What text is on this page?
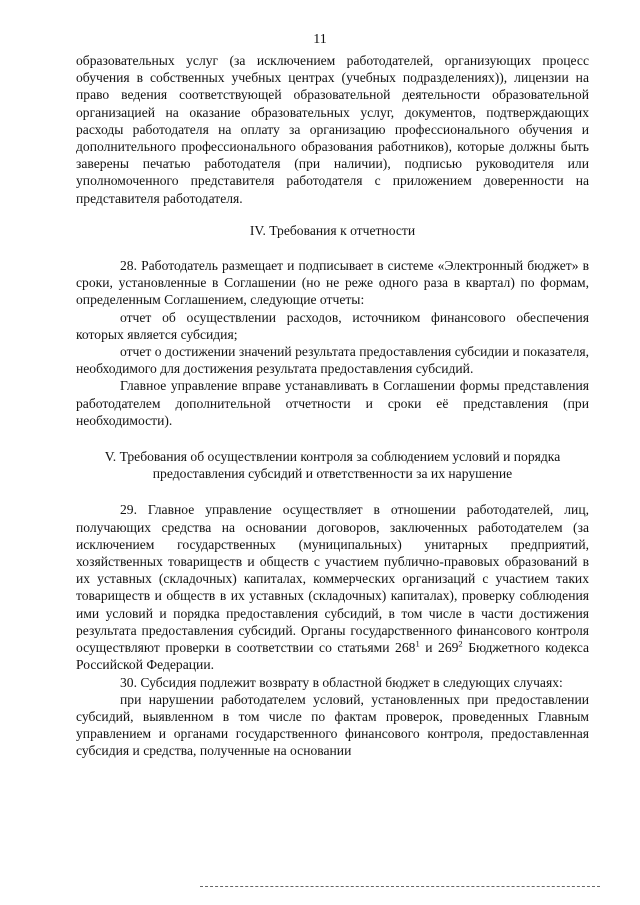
11

образовательных услуг (за исключением работодателей, организующих процесс обучения в собственных учебных центрах (учебных подразделениях)), лицензии на право ведения соответствующей образовательной деятельности образовательной организацией на оказание образовательных услуг, документов, подтверждающих расходы работодателя на оплату за организацию профессионального обучения и дополнительного профессионального образования работников), которые должны быть заверены печатью работодателя (при наличии), подписью руководителя или уполномоченного представителя работодателя с приложением доверенности на представителя работодателя.

IV. Требования к отчетности

28. Работодатель размещает и подписывает в системе «Электронный бюджет» в сроки, установленные в Соглашении (но не реже одного раза в квартал) по формам, определенным Соглашением, следующие отчеты:

отчет об осуществлении расходов, источником финансового обеспечения которых является субсидия;

отчет о достижении значений результата предоставления субсидии и показателя, необходимого для достижения результата предоставления субсидий.

Главное управление вправе устанавливать в Соглашении формы представления работодателем дополнительной отчетности и сроки её представления (при необходимости).

V. Требования об осуществлении контроля за соблюдением условий и порядка
предоставления субсидий и ответственности за их нарушение

29. Главное управление осуществляет в отношении работодателей, лиц, получающих средства на основании договоров, заключенных работодателем (за исключением государственных (муниципальных) унитарных предприятий, хозяйственных товариществ и обществ с участием публично-правовых образований в их уставных (складочных) капиталах, коммерческих организаций с участием таких товариществ и обществ в их уставных (складочных) капиталах), проверку соблюдения ими условий и порядка предоставления субсидий, в том числе в части достижения результата предоставления субсидий. Органы государственного финансового контроля осуществляют проверки в соответствии со статьями $268^1$ и $269^2$ Бюджетного кодекса Российской Федерации.

30. Субсидия подлежит возврату в областной бюджет в следующих случаях:

при нарушении работодателем условий, установленных при предоставлении субсидий, выявленном в том числе по фактам проверок, проведенных Главным управлением и органами государственного финансового контроля, предоставленная субсидия и средства, полученные на основании
